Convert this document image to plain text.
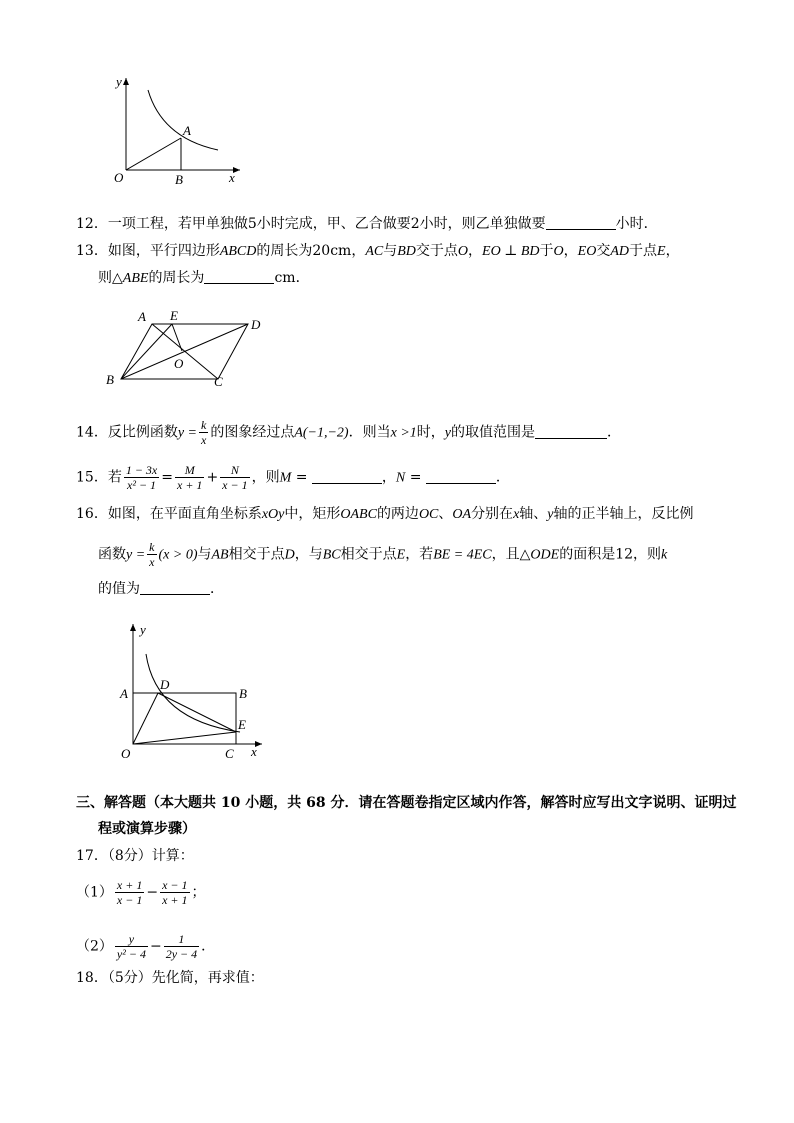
y
A
O	B	x
12．一项工程，若甲单独做5小时完成，甲、乙合做要2小时，则乙单独做要	小时．
13．如图，平行四边形ABCD的周长为20cm，AC与BD交于点O，EO ⊥ BD于O，EO交AD于点E，
则△ABE的周长为	cm．
A E
D
O
B	C
14．反比例函数$y = \frac{k}{x}$ 的图象经过点A(−1,−2)．则当x >1时，y的取值范围是	．
15．若 $\frac{1 - 3x}{\text{x² − 1}} = \frac{M}{x + 1} + \frac{N}{x - 1}$ ，则M =	，N =	．
16．如图，在平面直角坐标系xOy中，矩形OABC的两边OC、OA分别在x轴、y轴的正半轴上，反比例
函数$y = \frac{k}{x} (x > 0)$与AB相交于点D，与BC相交于点E，若BE = 4EC，且△ODE的面积是12，则k
的值为	．
y
A
D
B
E
O	C x
三、解答题（本大题共 10 小题，共 68 分．请在答题卷指定区域内作答，解答时应写出文字说明、证明过
程或演算步骤）
17．（8分）计算：
$(1) \frac{x + 1}{x - 1} - \frac{x - 1}{x + 1}$ ；
$(2) \frac{y}{\text{y² − 4}} - \frac{1}{2y - 4}$ ．
18．（5分）先化简，再求值：
